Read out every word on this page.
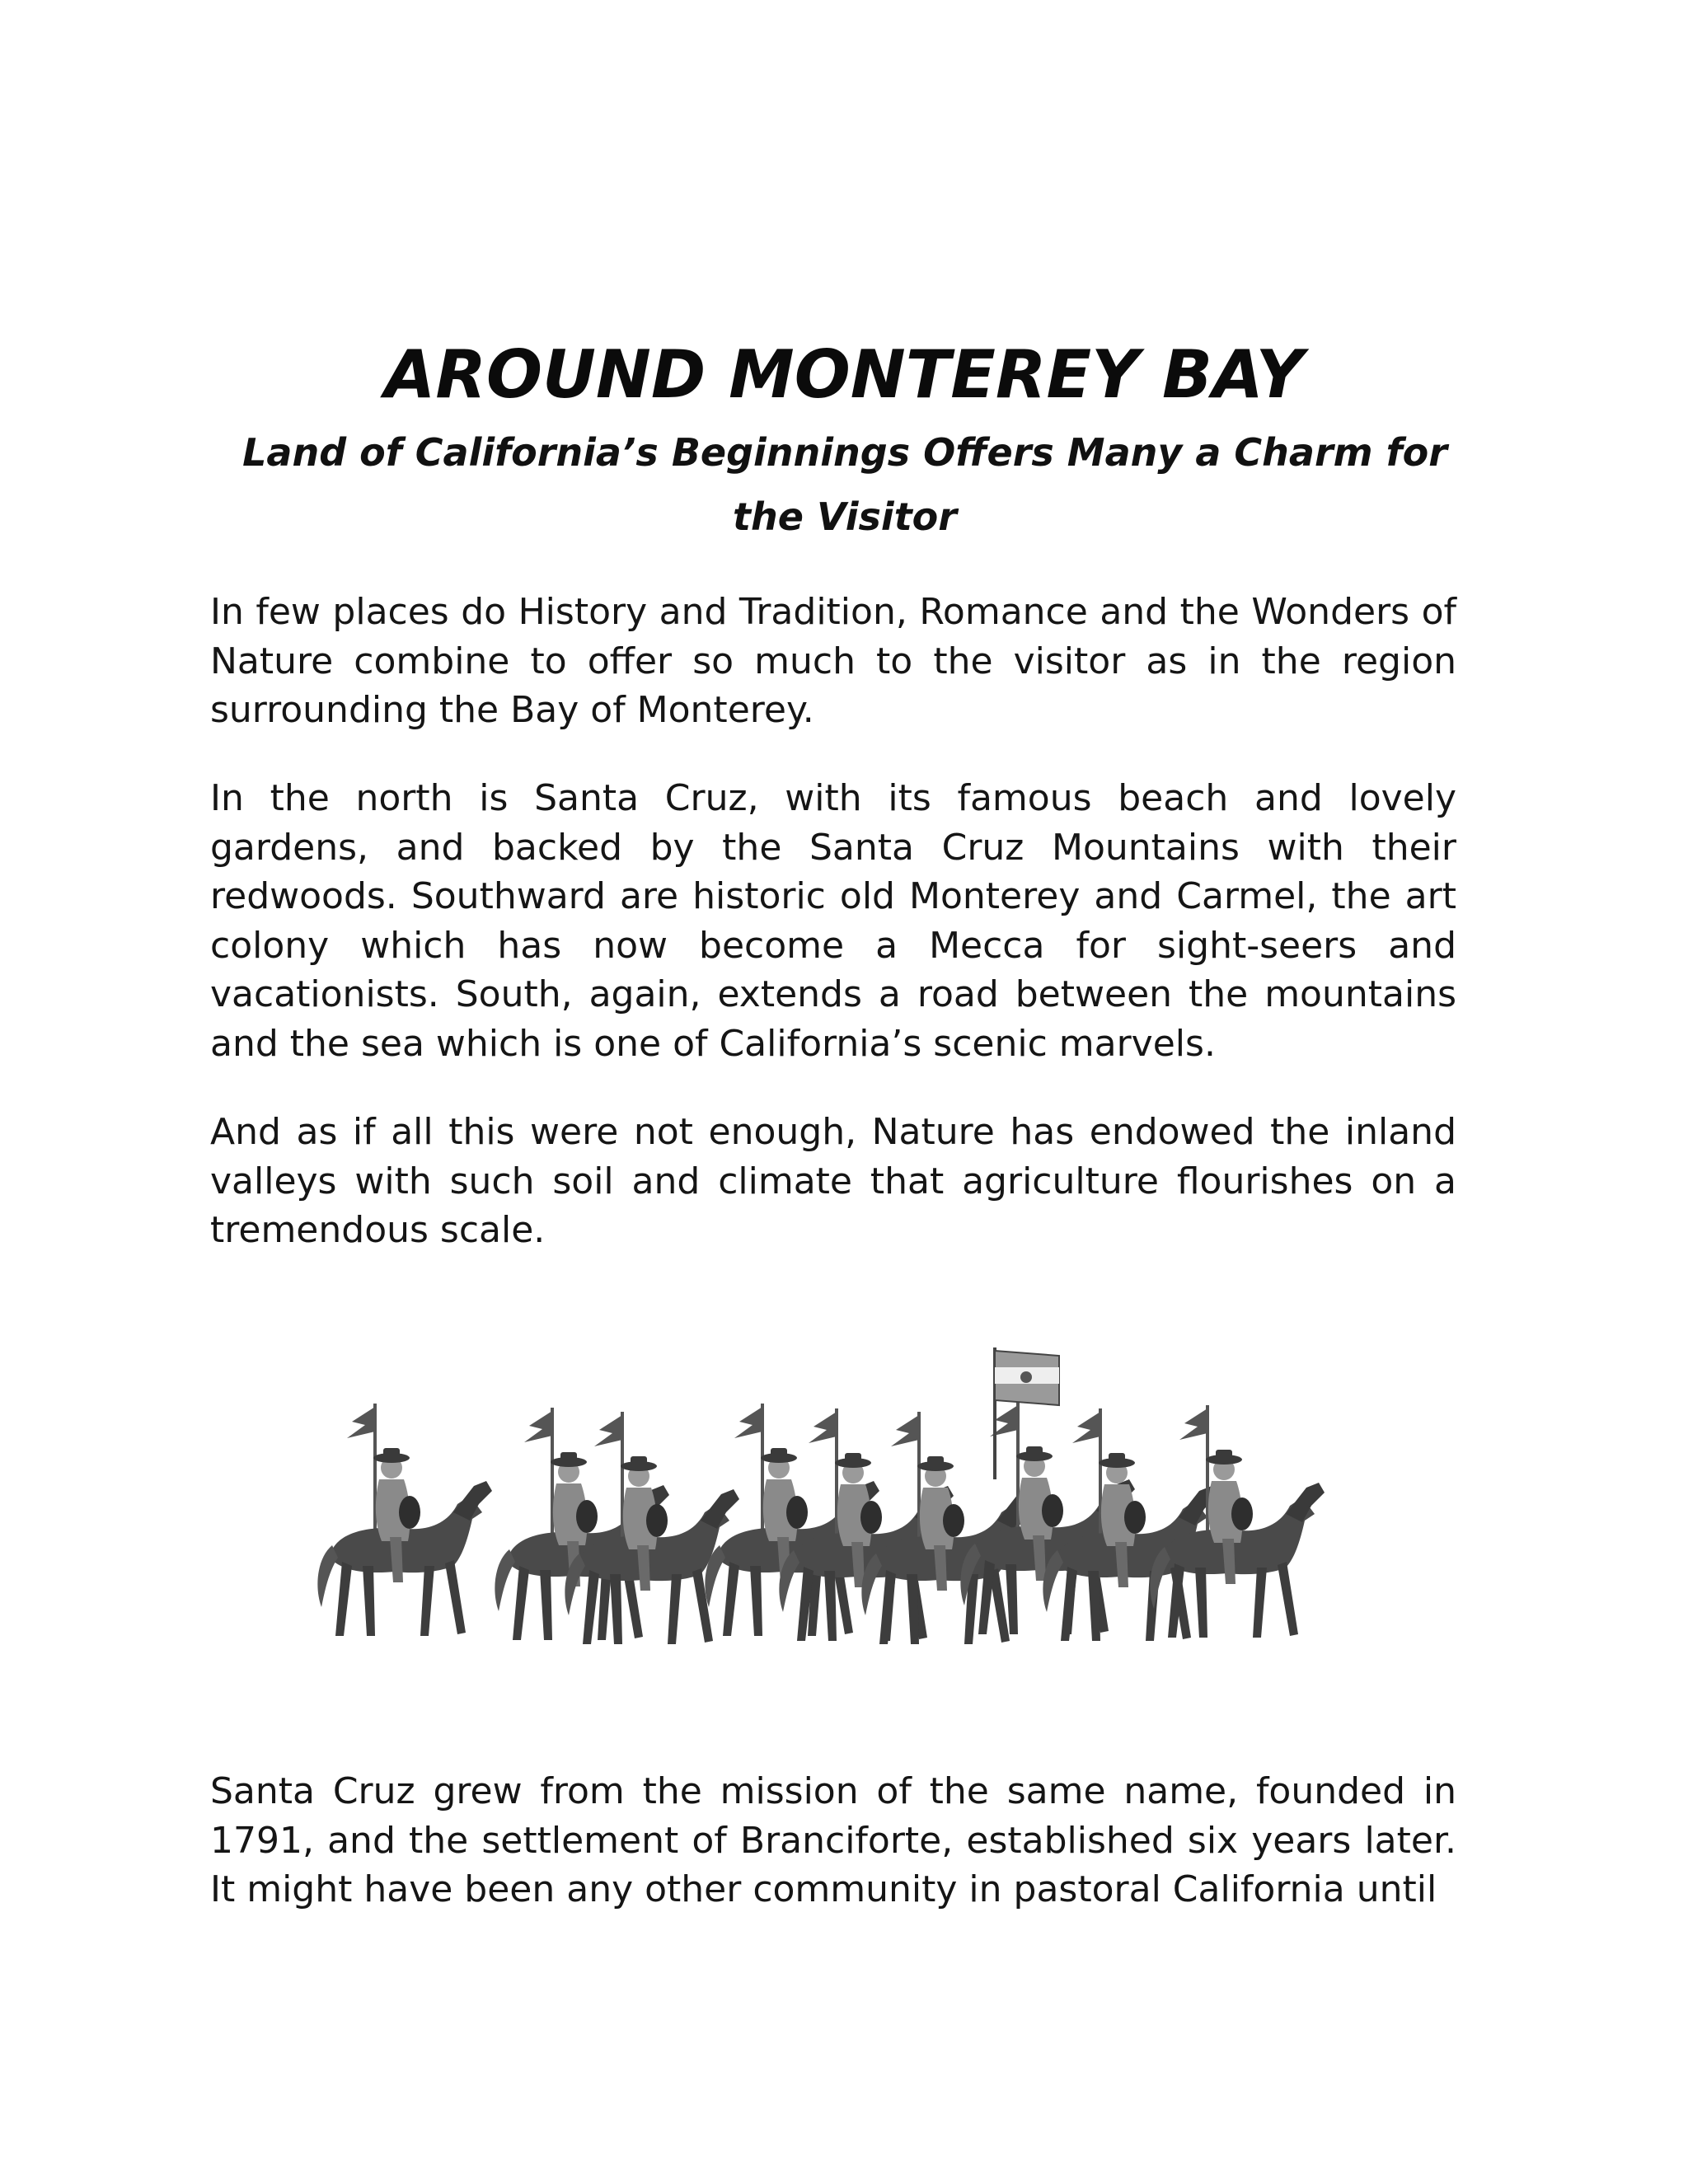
AROUND MONTEREY BAY
Land of California’s Beginnings Offers Many a Charm for the Visitor

In few places do History and Tradition, Romance and the Wonders of Nature combine to offer so much to the visitor as in the region surrounding the Bay of Monterey.

In the north is Santa Cruz, with its famous beach and lovely gardens, and backed by the Santa Cruz Mountains with their redwoods. Southward are historic old Monterey and Carmel, the art colony which has now become a Mecca for sight-seers and vacationists. South, again, extends a road between the mountains and the sea which is one of California’s scenic marvels.

And as if all this were not enough, Nature has endowed the inland valleys with such soil and climate that agriculture flourishes on a tremendous scale.

Santa Cruz grew from the mission of the same name, founded in 1791, and the settlement of Branciforte, established six years later. It might have been any other community in pastoral California until
